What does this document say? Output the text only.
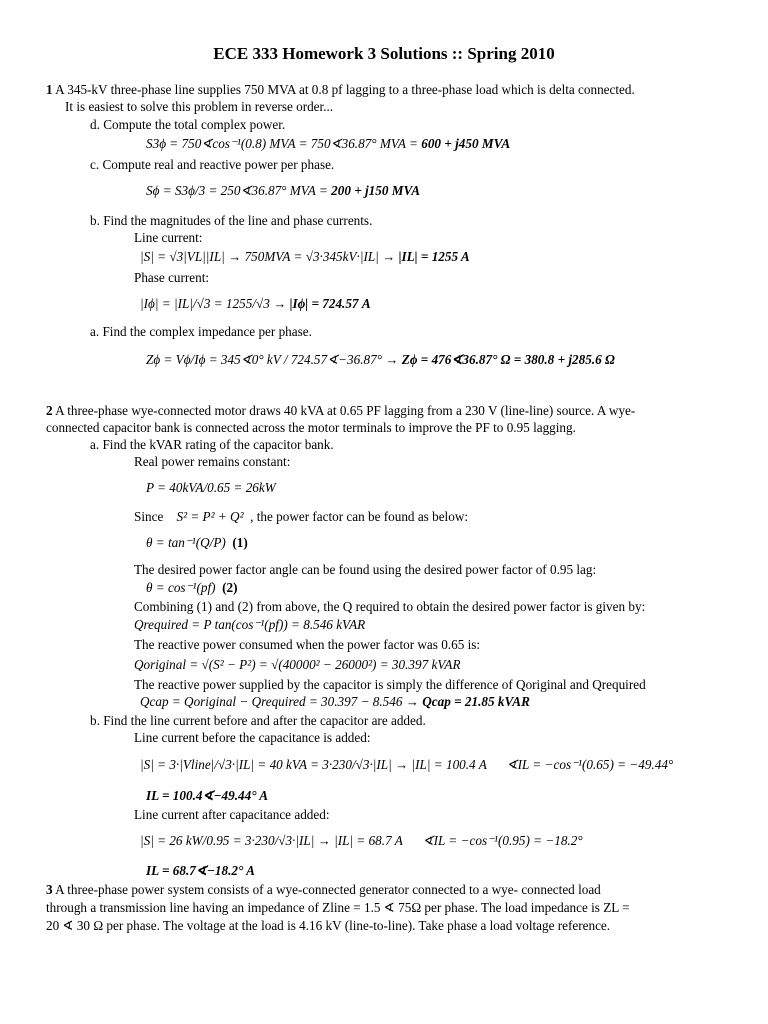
ECE 333 Homework 3 Solutions :: Spring 2010
1 A 345-kV three-phase line supplies 750 MVA at 0.8 pf lagging to a three-phase load which is delta connected.
It is easiest to solve this problem in reverse order...
d. Compute the total complex power.
S3ϕ = 750∢cos⁻¹(0.8) MVA = 750∢36.87° MVA = 600 + j450 MVA
c. Compute real and reactive power per phase.
Sϕ = S3ϕ/3 = 250∢36.87° MVA = 200 + j150 MVA
b. Find the magnitudes of the line and phase currents.
Line current:
|S| = √3|VL||IL| → 750MVA = √3·345kV·|IL| → |IL| = 1255 A
Phase current:
|Iϕ| = |IL|/√3 = 1255/√3 → |Iϕ| = 724.57 A
a. Find the complex impedance per phase.
Zϕ = Vϕ/Iϕ = 345∢0° kV / 724.57∢−36.87° → Zϕ = 476∢36.87° Ω = 380.8 + j285.6 Ω
2 A three-phase wye-connected motor draws 40 kVA at 0.65 PF lagging from a 230 V (line-line) source. A wye-
connected capacitor bank is connected across the motor terminals to improve the PF to 0.95 lagging.
a. Find the kVAR rating of the capacitor bank.
Real power remains constant:
P = 40kVA/0.65 = 26kW
Since S² = P² + Q² , the power factor can be found as below:
θ = tan⁻¹(Q/P) (1)
The desired power factor angle can be found using the desired power factor of 0.95 lag:
θ = cos⁻¹(pf) (2)
Combining (1) and (2) from above, the Q required to obtain the desired power factor is given by:
Qrequired = P tan(cos⁻¹(pf)) = 8.546 kVAR
The reactive power consumed when the power factor was 0.65 is:
Qoriginal = √(S² − P²) = √(40000² − 26000²) = 30.397 kVAR
The reactive power supplied by the capacitor is simply the difference of Qoriginal and Qrequired
Qcap = Qoriginal − Qrequired = 30.397 − 8.546 → Qcap = 21.85 kVAR
b. Find the line current before and after the capacitor are added.
Line current before the capacitance is added:
|S| = 3·|Vline|/√3·|IL| = 40 kVA = 3·230/√3·|IL| → |IL| = 100.4 A ∢IL = −cos⁻¹(0.65) = −49.44°
IL = 100.4∢−49.44° A
Line current after capacitance added:
|S| = 26 kW/0.95 = 3·230/√3·|IL| → |IL| = 68.7 A ∢IL = −cos⁻¹(0.95) = −18.2°
IL = 68.7∢−18.2° A
3 A three-phase power system consists of a wye-connected generator connected to a wye- connected load
through a transmission line having an impedance of Zline = 1.5 ∢ 75Ω per phase. The load impedance is ZL =
20 ∢ 30 Ω per phase. The voltage at the load is 4.16 kV (line-to-line). Take phase a load voltage reference.
